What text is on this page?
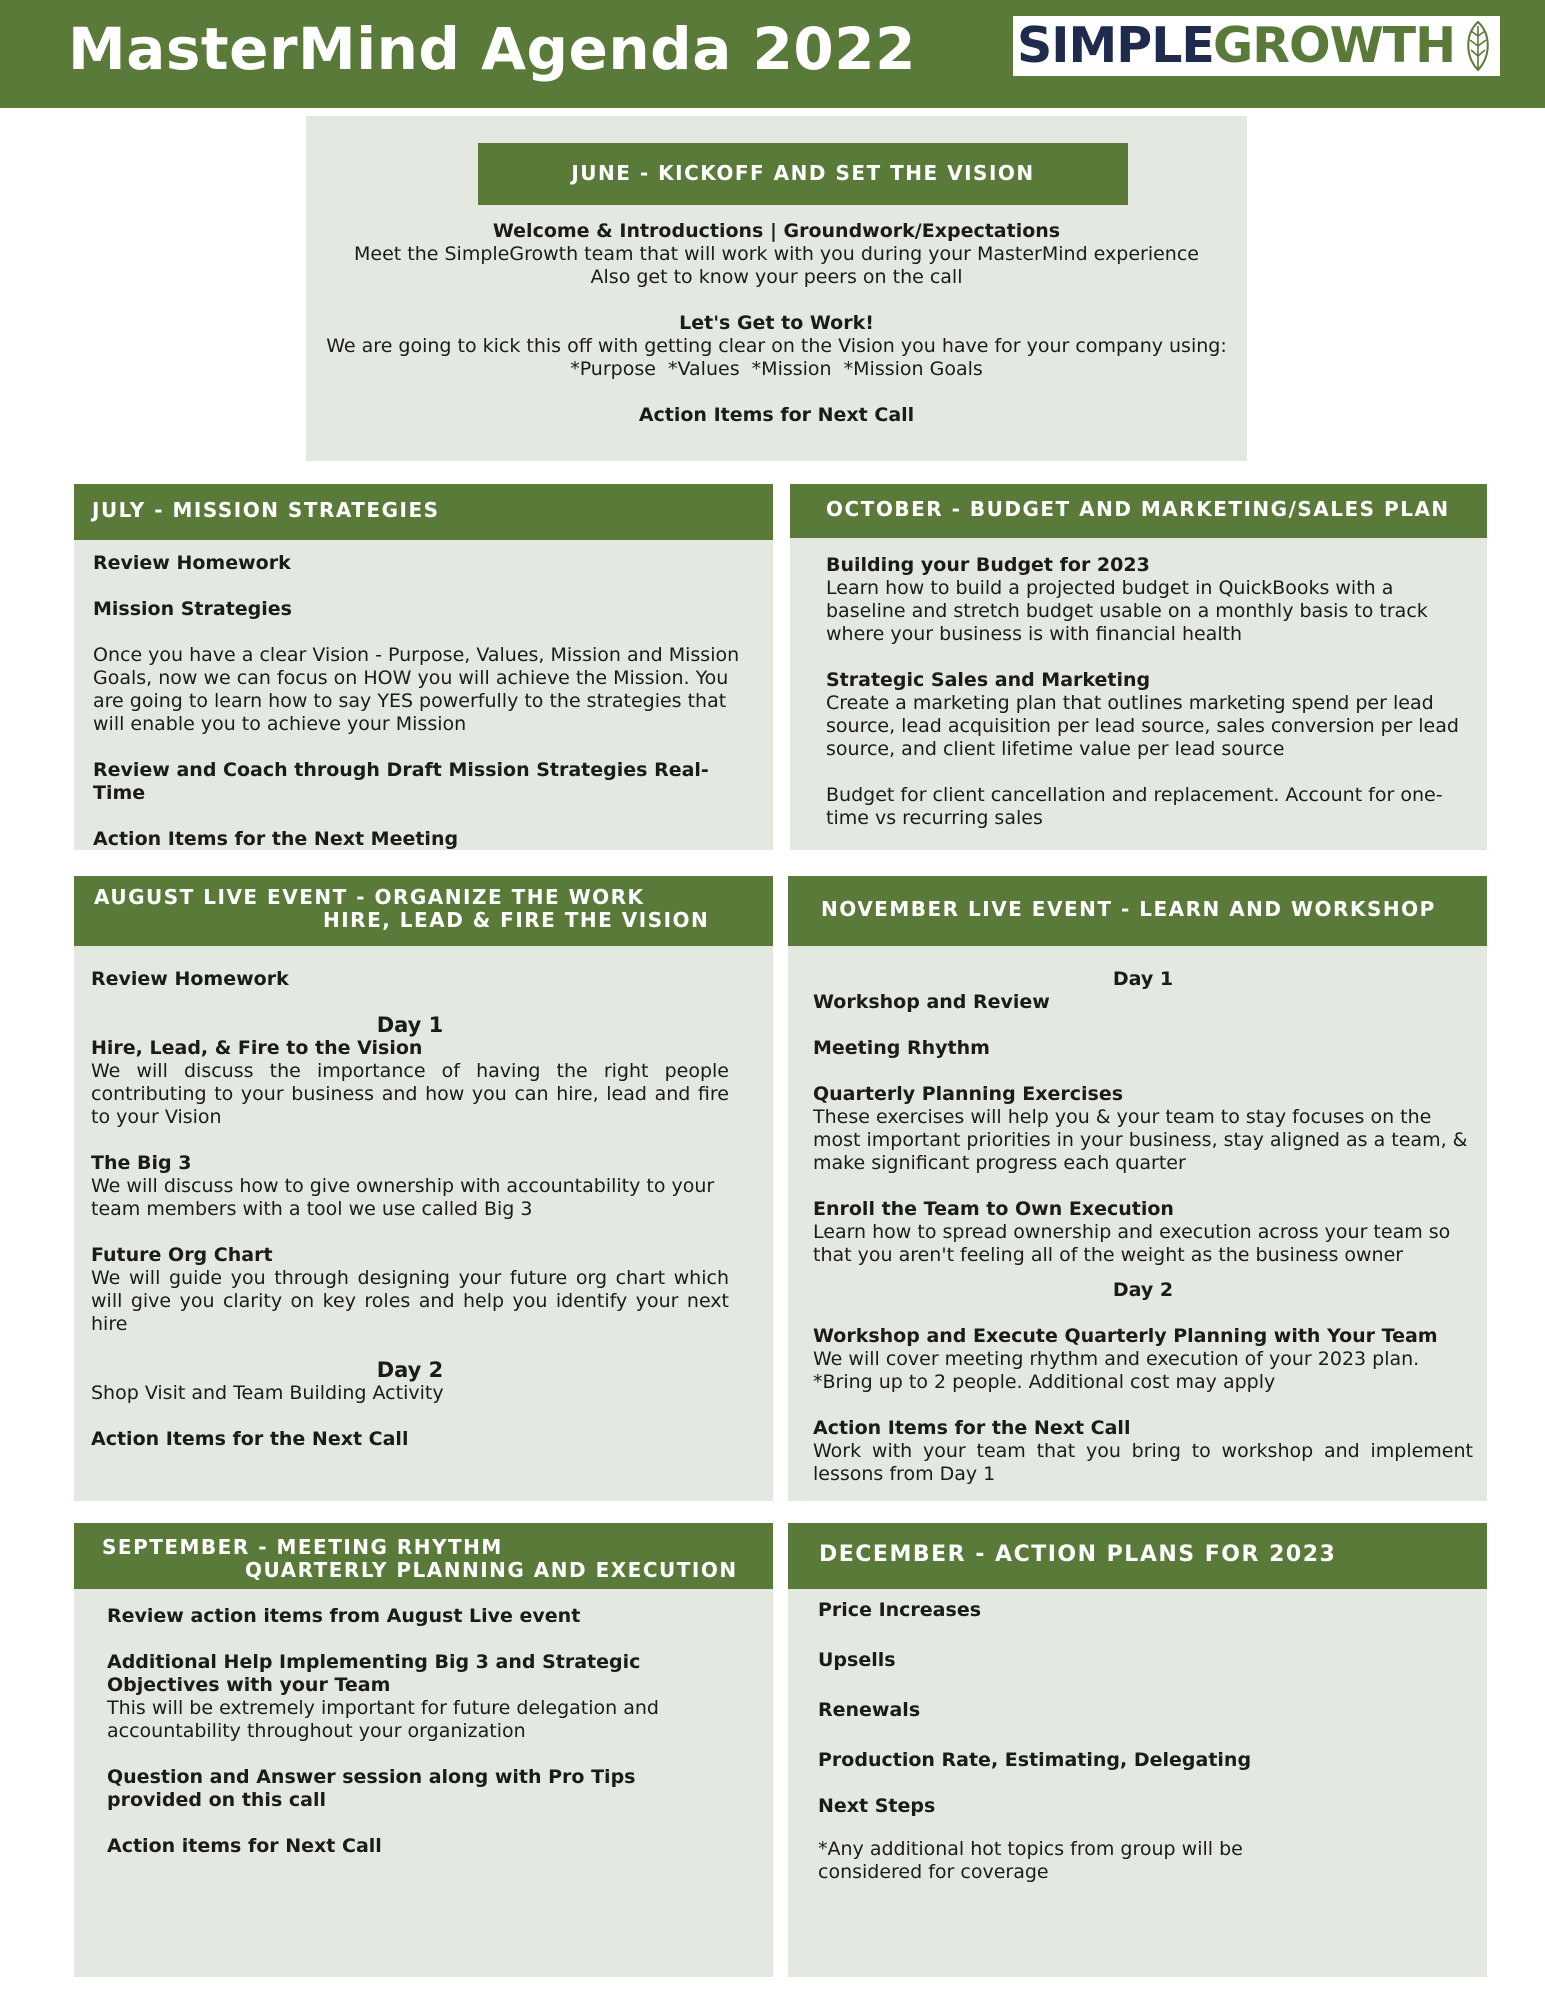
MasterMind Agenda 2022 SIMPLE GROWTH
JUNE - KICKOFF AND SET THE VISION

Welcome & Introductions | Groundwork/Expectations

Meet the SimpleGrowth team that will work with you during your MasterMind experience

Also get to know your peers on the call

Let's Get to Work!

We are going to kick this off with getting clear on the Vision you have for your company using:

*Purpose  *Values  *Mission  *Mission Goals

Action Items for Next Call

JULY - MISSION STRATEGIES

Review Homework

Mission Strategies

Once you have a clear Vision - Purpose, Values, Mission and Mission Goals, now we can focus on HOW you will achieve the Mission. You are going to learn how to say YES powerfully to the strategies that will enable you to achieve your Mission

Review and Coach through Draft Mission Strategies Real-Time

Action Items for the Next Meeting

OCTOBER - BUDGET AND MARKETING/SALES PLAN

Building your Budget for 2023

Learn how to build a projected budget in QuickBooks with a baseline and stretch budget usable on a monthly basis to track where your business is with financial health

Strategic Sales and Marketing

Create a marketing plan that outlines marketing spend per lead source, lead acquisition per lead source, sales conversion per lead source, and client lifetime value per lead source

Budget for client cancellation and replacement. Account for one-time vs recurring sales

AUGUST LIVE EVENT - ORGANIZE THE WORK
HIRE, LEAD & FIRE THE VISION

Review Homework

Day 1

Hire, Lead, & Fire to the Vision

We will discuss the importance of having the right people contributing to your business and how you can hire, lead and fire to your Vision

The Big 3

We will discuss how to give ownership with accountability to your team members with a tool we use called Big 3

Future Org Chart

We will guide you through designing your future org chart which will give you clarity on key roles and help you identify your next hire

Day 2

Shop Visit and Team Building Activity

Action Items for the Next Call

NOVEMBER LIVE EVENT - LEARN AND WORKSHOP

Day 1

Workshop and Review

Meeting Rhythm

Quarterly Planning Exercises

These exercises will help you & your team to stay focuses on the most important priorities in your business, stay aligned as a team, & make significant progress each quarter

Enroll the Team to Own Execution

Learn how to spread ownership and execution across your team so that you aren't feeling all of the weight as the business owner

Day 2

Workshop and Execute Quarterly Planning with Your Team

We will cover meeting rhythm and execution of your 2023 plan.

*Bring up to 2 people. Additional cost may apply

Action Items for the Next Call

Work with your team that you bring to workshop and implement lessons from Day 1

SEPTEMBER - MEETING RHYTHM
QUARTERLY PLANNING AND EXECUTION

Review action items from August Live event

Additional Help Implementing Big 3 and Strategic Objectives with your Team

This will be extremely important for future delegation and accountability throughout your organization

Question and Answer session along with Pro Tips provided on this call

Action items for Next Call

DECEMBER - ACTION PLANS FOR 2023

Price Increases

Upsells

Renewals

Production Rate, Estimating, Delegating

Next Steps

*Any additional hot topics from group will be considered for coverage
